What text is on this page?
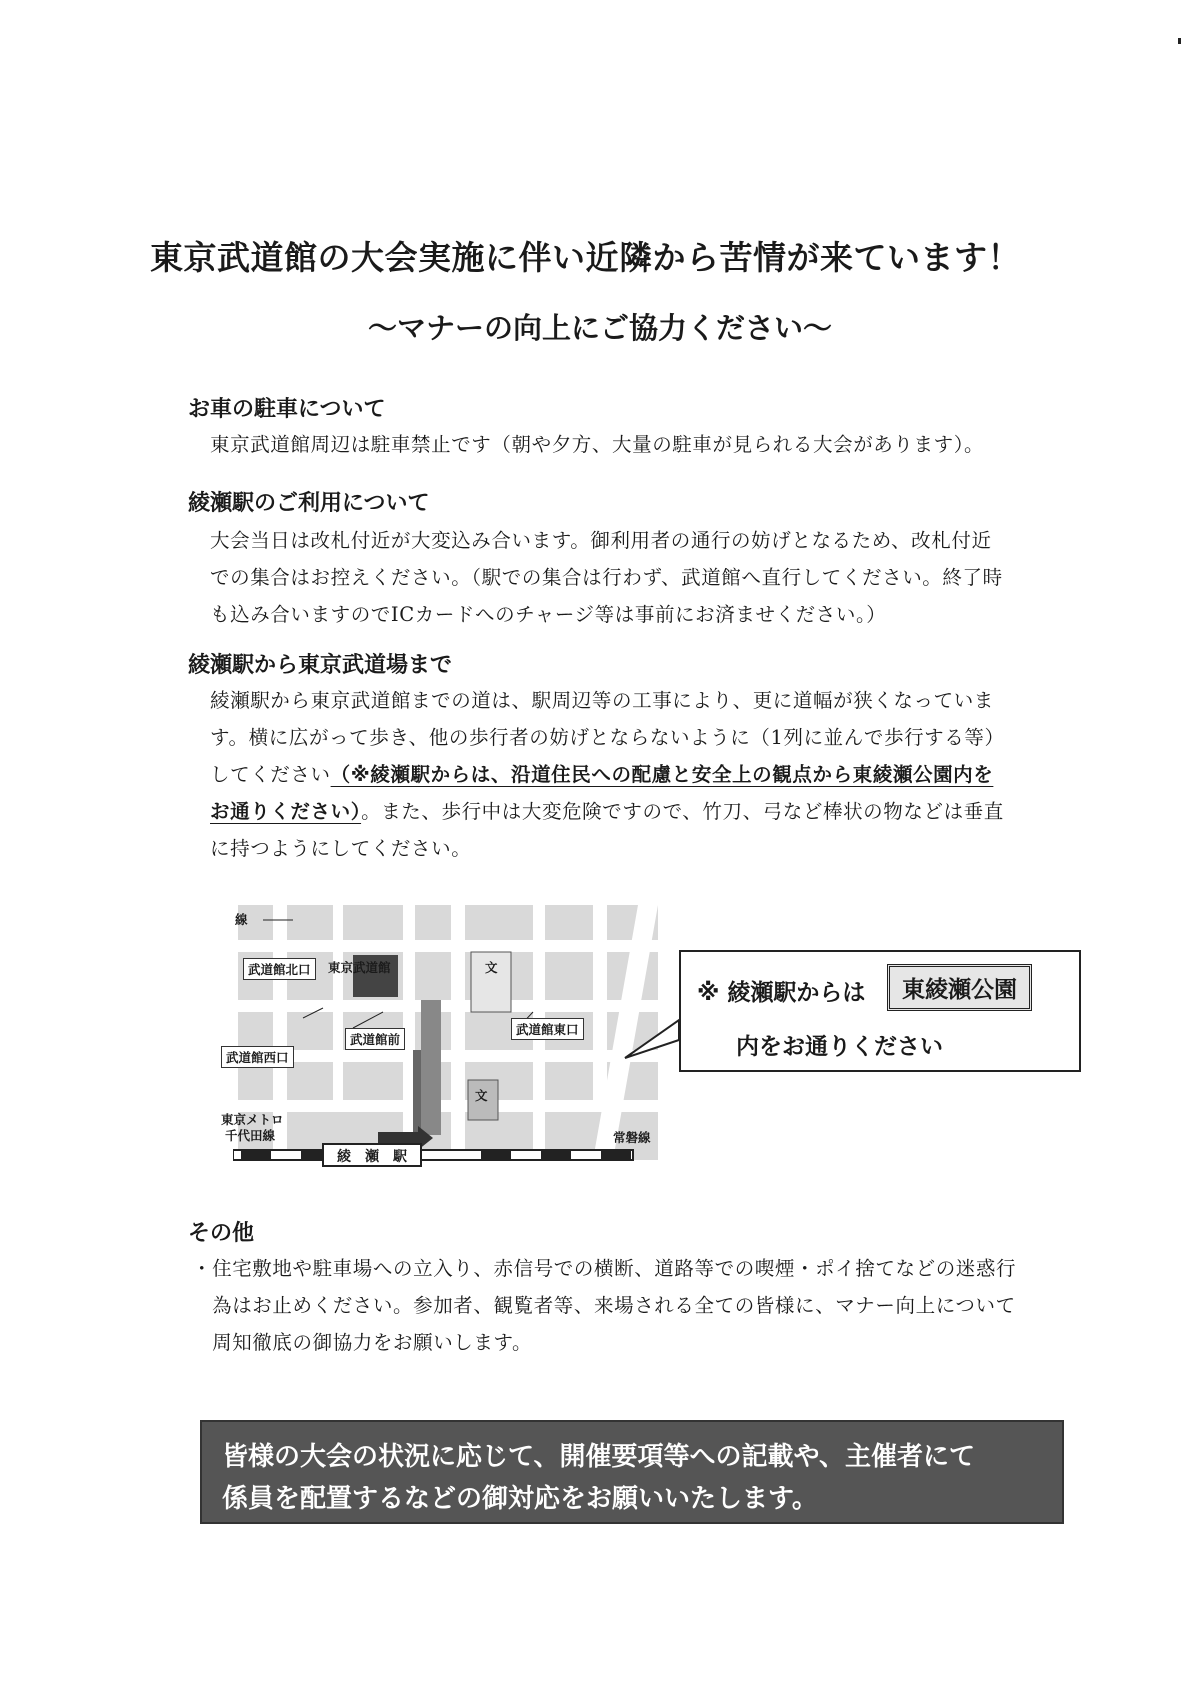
東京武道館の大会実施に伴い近隣から苦情が来ています！
〜マナーの向上にご協力ください〜
お車の駐車について
東京武道館周辺は駐車禁止です（朝や夕方、大量の駐車が見られる大会があります）。
綾瀬駅のご利用について
大会当日は改札付近が大変込み合います。御利用者の通行の妨げとなるため、改札付近
での集合はお控えください。（駅での集合は行わず、武道館へ直行してください。終了時
も込み合いますのでICカードへのチャージ等は事前にお済ませください。）
綾瀬駅から東京武道場まで
綾瀬駅から東京武道館までの道は、駅周辺等の工事により、更に道幅が狭くなっていま
す。横に広がって歩き、他の歩行者の妨げとならないように（1列に並んで歩行する等）
してください（※綾瀬駅からは、沿道住民への配慮と安全上の観点から東綾瀬公園内を
お通りください）。また、歩行中は大変危険ですので、竹刀、弓など棒状の物などは垂直
に持つようにしてください。
線
武道館北口	東京武道館	文
武道館前
武道館東口
武道館西口
文
東京メトロ
千代田線
綾　瀬　駅
常磐線
※ 綾瀬駅からは	東綾瀬公園
内をお通りください
その他
・住宅敷地や駐車場への立入り、赤信号での横断、道路等での喫煙・ポイ捨てなどの迷惑行
　為はお止めください。参加者、観覧者等、来場される全ての皆様に、マナー向上について
　周知徹底の御協力をお願いします。
皆様の大会の状況に応じて、開催要項等への記載や、主催者にて
係員を配置するなどの御対応をお願いいたします。
